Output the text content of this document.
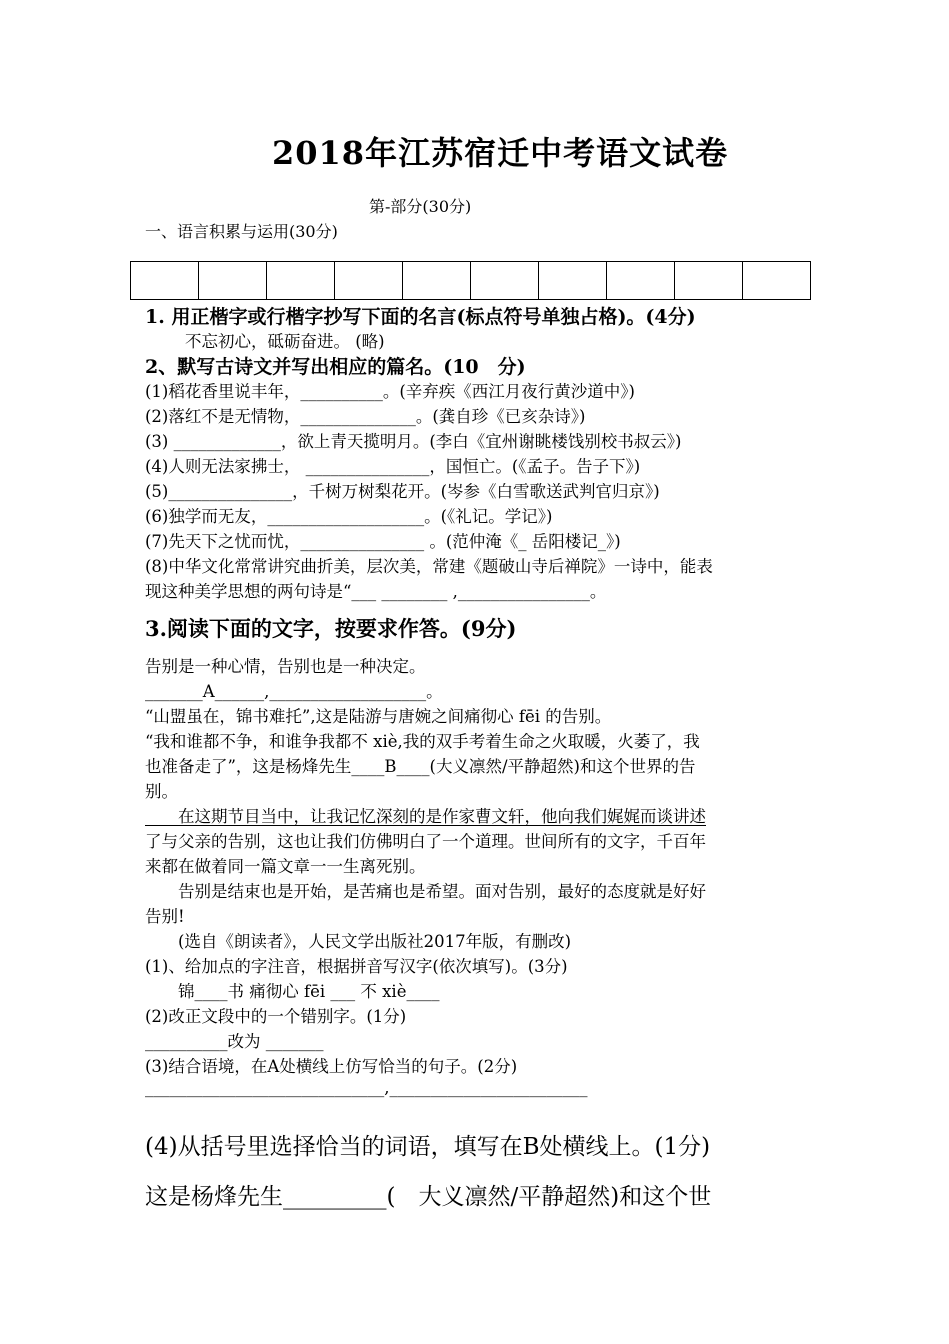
2018年江苏宿迁中考语文试卷
第-部分(30分)
一、语言积累与运用(30分)

1. 用正楷字或行楷字抄写下面的名言(标点符号单独占格)。(4分)
不忘初心，砥砺奋进。 (略)
2、默写古诗文并写出相应的篇名。(10　分)
(1)稻花香里说丰年，__________。(辛弃疾《西江月夜行黄沙道中》)
(2)落红不是无情物，______________。(龚自珍《已亥杂诗》)
(3) _____________，欲上青天揽明月。(李白《宜州谢眺楼饯别校书叔云》)
(4)人则无法家拂士， _______________，国恒亡。(《孟子。告子下》)
(5)_______________，千树万树梨花开。(岑参《白雪歌送武判官归京》)
(6)独学而无友，___________________。(《礼记。学记》)
(7)先天下之忧而忧，_______________ 。(范仲淹《_ 岳阳楼记_》)
(8)中华文化常常讲究曲折美，层次美，常建《题破山寺后禅院》一诗中，能表
现这种美学思想的两句诗是“___ ________ ,________________。
3.阅读下面的文字，按要求作答。(9分)
告别是一种心情，告别也是一种决定。
_______A______,___________________。
“山盟虽在，锦书难托”,这是陆游与唐婉之间痛彻心 fēi 的告别。
“我和谁都不争，和谁争我都不 xiè,我的双手考着生命之火取暖，火萎了，我
也准备走了”，这是杨烽先生____B____(大义凛然/平静超然)和这个世界的告
别。
　　在这期节目当中，让我记忆深刻的是作家曹文轩，他向我们娓娓而谈讲述
了与父亲的告别，这也让我们仿佛明白了一个道理。世间所有的文字，千百年
来都在做着同一篇文章一一生离死别。
　　告别是结束也是开始，是苦痛也是希望。面对告别，最好的态度就是好好
告别!
　　(选自《朗读者》，人民文学出版社2017年版，有删改)
(1)、给加点的字注音，根据拼音写汉字(依次填写)。(3分)
　　锦____书 痛彻心 fēi ___ 不 xiè____
(2)改正文段中的一个错别字。(1分)
__________改为 _______
(3)结合语境，在A处横线上仿写恰当的句子。(2分)
_____________________________,________________________
(4)从括号里选择恰当的词语，填写在B处横线上。(1分)
这是杨烽先生_________(　大义凛然/平静超然)和这个世
